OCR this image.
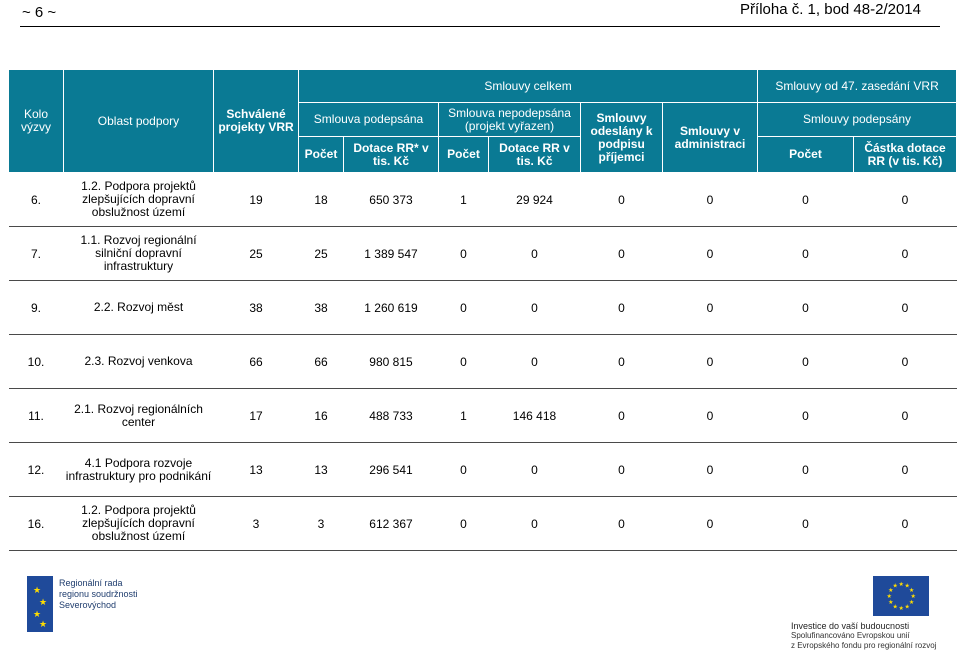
~ 6 ~	Příloha č. 1, bod 48-2/2014
Kolo výzvy	Oblast podpory	Schválené projekty VRR	Smlouvy celkem						Smlouvy od 47. zasedání VRR	
			Smlouva podepsána		Smlouva nepodepsána (projekt vyřazen)		Smlouvy odeslány k podpisu příjemci	Smlouvy v administraci	Smlouvy podepsány	
			Počet	Dotace RR* v tis. Kč	Počet	Dotace RR v tis. Kč			Počet	Částka dotace RR (v tis. Kč)
6.	1.2. Podpora projektů zlepšujících dopravní obslužnost území	19	18	650 373	1	29 924	0	0	0	0
7.	1.1. Rozvoj regionální silniční dopravní infrastruktury	25	25	1 389 547	0	0	0	0	0	0
9.	2.2. Rozvoj měst	38	38	1 260 619	0	0	0	0	0	0
10.	2.3. Rozvoj venkova	66	66	980 815	0	0	0	0	0	0
11.	2.1. Rozvoj regionálních center	17	16	488 733	1	146 418	0	0	0	0
12.	4.1 Podpora rozvoje infrastruktury pro podnikání	13	13	296 541	0	0	0	0	0	0
16.	1.2. Podpora projektů zlepšujících dopravní obslužnost území	3	3	612 367	0	0	0	0	0	0
★
★
★
★
Regionální rada
regionu soudržnosti
Severovýchod
★
★
★
★
★
★
★
★
★ ★ ★
★
Investice do vaší budoucnosti
Spolufinancováno Evropskou unií
z Evropského fondu pro regionální rozvoj
